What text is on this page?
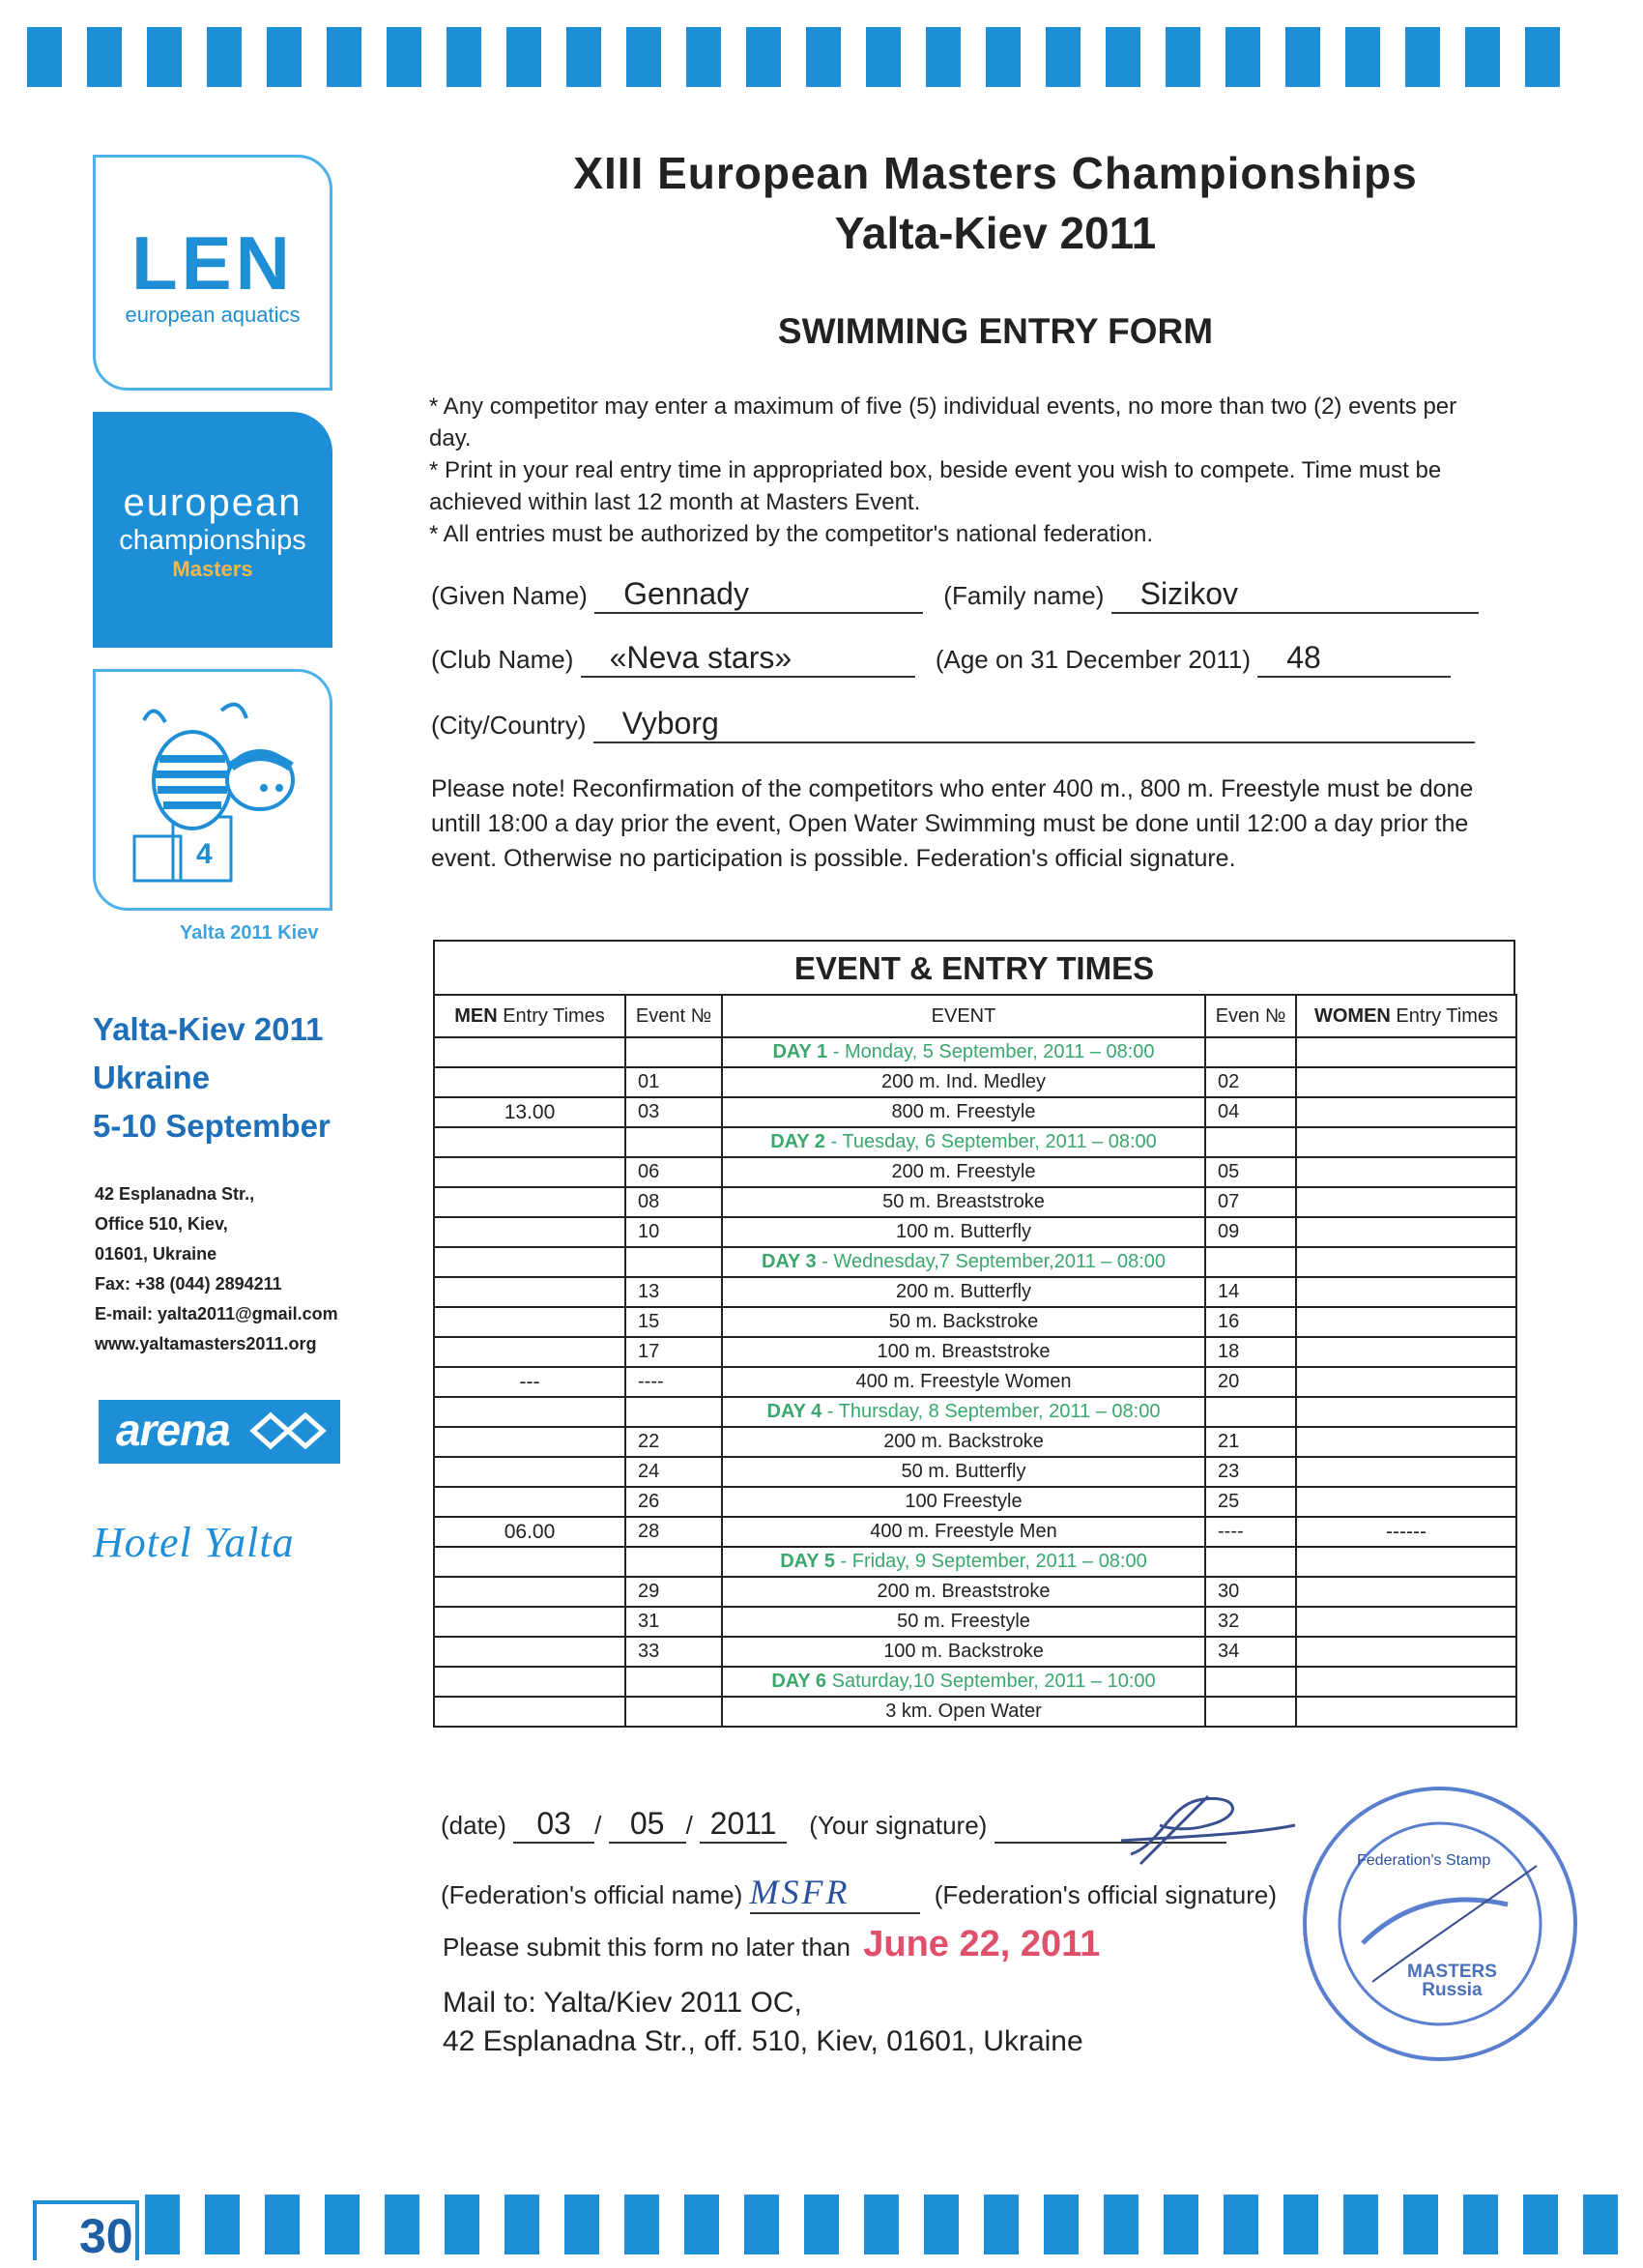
30
LEN
european aquatics
european
championships
Masters
4
Yalta 2011 Kiev
Yalta-Kiev 2011
Ukraine
5-10 September
42 Esplanadna Str.,
Office 510, Kiev,
01601, Ukraine
Fax: +38 (044) 2894211
E-mail: yalta2011@gmail.com
www.yaltamasters2011.org
arena
Hotel Yalta
XIII European Masters Championships
Yalta-Kiev 2011
SWIMMING ENTRY FORM
* Any competitor may enter a maximum of five (5) individual events, no more than two (2) events per day.
* Print in your real entry time in appropriated box, beside event you wish to compete. Time must be achieved within last 12 month at Masters Event.
* All entries must be authorized by the competitor's national federation.
(Given Name) Gennady	(Family name) Sizikov
(Club Name) «Neva stars»	(Age on 31 December 2011) 48
(City/Country) Vyborg
Please note! Reconfirmation of the competitors who enter 400 m., 800 m. Freestyle must be done untill 18:00 a day prior the event, Open Water Swimming must be done until 12:00 a day prior the event. Otherwise no participation is possible. Federation's official signature.
EVENT & ENTRY TIMES
MEN Entry Times	Event №	EVENT	Even №	WOMEN Entry Times
		DAY 1 - Monday, 5 September, 2011 – 08:00		
	01	200 m. Ind. Medley	02	
13.00	03	800 m. Freestyle	04	
		DAY 2 - Tuesday, 6 September, 2011 – 08:00		
	06	200 m. Freestyle	05	
	08	50 m. Breaststroke	07	
	10	100 m. Butterfly	09	
		DAY 3 - Wednesday,7 September,2011 – 08:00		
	13	200 m. Butterfly	14	
	15	50 m. Backstroke	16	
	17	100 m. Breaststroke	18	
---	----	400 m. Freestyle Women	20	
		DAY 4 - Thursday, 8 September, 2011 – 08:00		
	22	200 m. Backstroke	21	
	24	50 m. Butterfly	23	
	26	100 Freestyle	25	
06.00	28	400 m. Freestyle Men	----	------
		DAY 5 - Friday, 9 September, 2011 – 08:00		
	29	200 m. Breaststroke	30	
	31	50 m. Freestyle	32	
	33	100 m. Backstroke	34	
		DAY 6 Saturday,10 September, 2011 – 10:00		
		3 km. Open Water		
(date) 03 / 05 / 2011 (Your signature)
(Federation's official name) MSFR	(Federation's official signature)
Please submit this form no later than June 22, 2011
Mail to: Yalta/Kiev 2011 OC,
42 Esplanadna Str., off. 510, Kiev, 01601, Ukraine
Federation's Stamp
MASTERS
Russia
